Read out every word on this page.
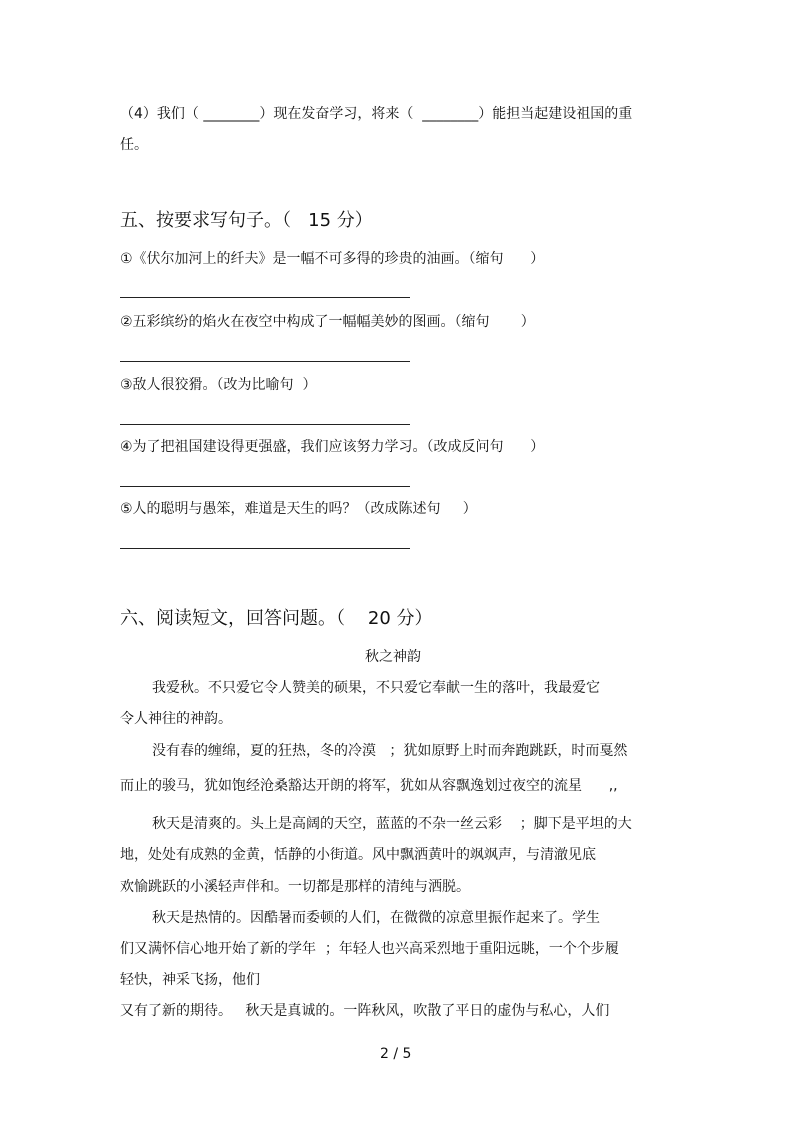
（4）我们（ ________）现在发奋学习，将来（  ________）能担当起建设祖国的重
任。
五、按要求写句子。（   15 分）
①《伏尔加河上的纤夫》是一幅不可多得的珍贵的油画。（缩句      ）
②五彩缤纷的焰火在夜空中构成了一幅幅美妙的图画。（缩句       ）
③敌人很狡猾。（改为比喻句  ）
④为了把祖国建设得更强盛，我们应该努力学习。（改成反问句      ）
⑤人的聪明与愚笨，难道是天生的吗？（改成陈述句     ）
六、阅读短文，回答问题。（    20 分）
秋之神韵
我爱秋。不只爱它令人赞美的硕果，不只爱它奉献一生的落叶，我最爱它
令人神往的神韵。
没有春的缠绵，夏的狂热，冬的冷漠   ；犹如原野上时而奔跑跳跃，时而戛然
而止的骏马，犹如饱经沧桑豁达开朗的将军，犹如从容飘逸划过夜空的流星      ,,
秋天是清爽的。头上是高阔的天空，蓝蓝的不杂一丝云彩    ；脚下是平坦的大
地，处处有成熟的金黄，恬静的小街道。风中飘洒黄叶的飒飒声，与清澈见底
欢愉跳跃的小溪轻声伴和。一切都是那样的清纯与洒脱。
秋天是热情的。因酷暑而委顿的人们，在微微的凉意里振作起来了。学生
们又满怀信心地开始了新的学年  ；年轻人也兴高采烈地于重阳远眺，一个个步履
轻快，神采飞扬，他们
又有了新的期待。   秋天是真诚的。一阵秋风，吹散了平日的虚伪与私心，人们
2 / 5
